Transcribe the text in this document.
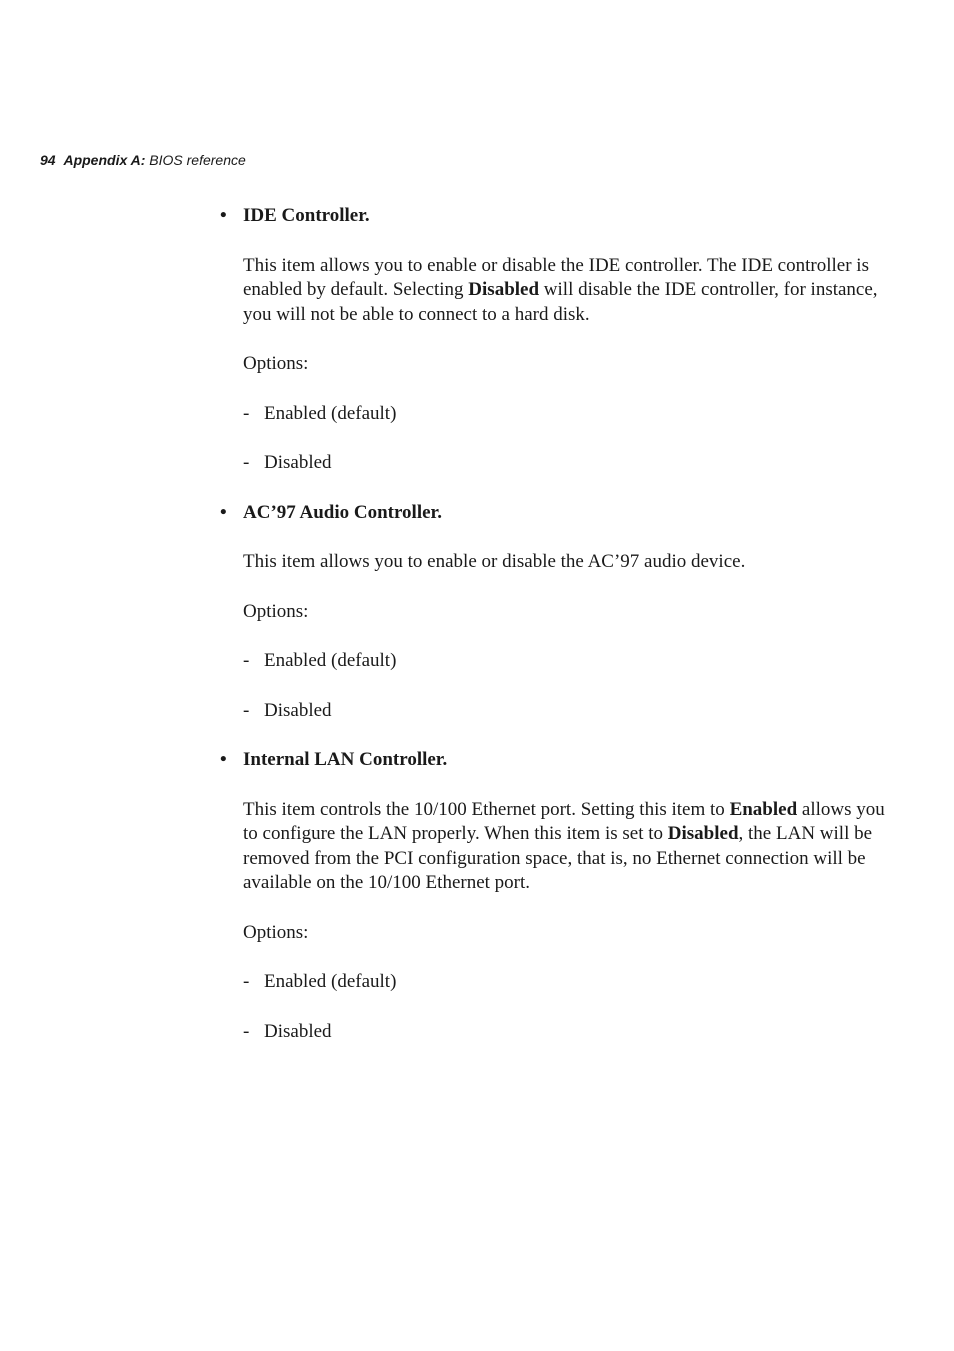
94 Appendix A: BIOS reference
• IDE Controller.

This item allows you to enable or disable the IDE controller. The IDE controller is enabled by default. Selecting Disabled will disable the IDE controller, for instance, you will not be able to connect to a hard disk.

Options:

- Enabled (default)

- Disabled

• AC’97 Audio Controller.

This item allows you to enable or disable the AC’97 audio device.

Options:

- Enabled (default)

- Disabled

• Internal LAN Controller.

This item controls the 10/100 Ethernet port. Setting this item to Enabled allows you to configure the LAN properly. When this item is set to Disabled, the LAN will be removed from the PCI configuration space, that is, no Ethernet connection will be available on the 10/100 Ethernet port.

Options:

- Enabled (default)

- Disabled
